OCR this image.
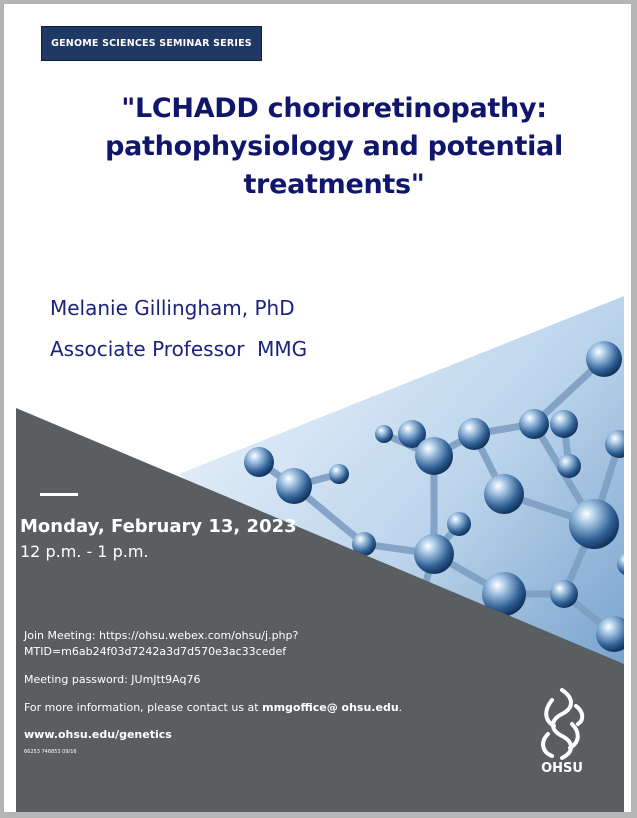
GENOME SCIENCES SEMINAR SERIES
"LCHADD chorioretinopathy:
pathophysiology and potential
treatments"
Melanie Gillingham, PhD
Associate Professor  MMG
Monday, February 13, 2023
12 p.m. - 1 p.m.
Join Meeting: https://ohsu.webex.com/ohsu/j.php?
MTID=m6ab24f03d7242a3d7d570e3ac33cedef
Meeting password: JUmJtt9Aq76
For more information, please contact us at mmgoffice@ ohsu.edu.
www.ohsu.edu/genetics
66253 746853 09/16
OHSU
